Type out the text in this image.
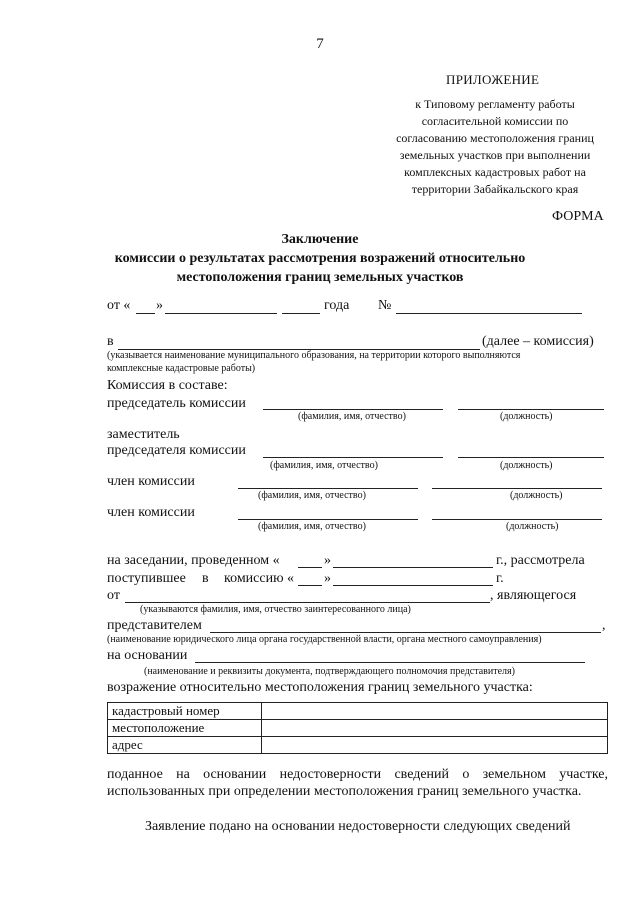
7
ПРИЛОЖЕНИЕ
к Типовому регламенту работы
согласительной комиссии по
согласованию местоположения границ
земельных участков при выполнении
комплексных кадастровых работ на
территории Забайкальского края
ФОРМА
Заключение
комиссии о результатах рассмотрения возражений относительно
местоположения границ земельных участков
от « »	года №
в	(далее – комиссия)
(указывается наименование муниципального образования, на территории которого выполняются
комплексные кадастровые работы)
Комиссия в составе:
председатель комиссии
(фамилия, имя, отчество)	(должность)
заместитель
председателя комиссии
(фамилия, имя, отчество)	(должность)
член комиссии
(фамилия, имя, отчество)	(должность)
член комиссии
(фамилия, имя, отчество)	(должность)
на заседании, проведенном «	»	г., рассмотрела
поступившее в комиссию « »	г.
от	, являющегося
(указываются фамилия, имя, отчество заинтересованного лица)
представителем	,
(наименование юридического лица органа государственной власти, органа местного самоуправления)
на основании
(наименование и реквизиты документа, подтверждающего полномочия представителя)
возражение относительно местоположения границ земельного участка:
кадастровый номер	
местоположение	
адрес	
поданное на основании недостоверности сведений о земельном участке, использованных при определении местоположения границ земельного участка.
Заявление подано на основании недостоверности следующих сведений
